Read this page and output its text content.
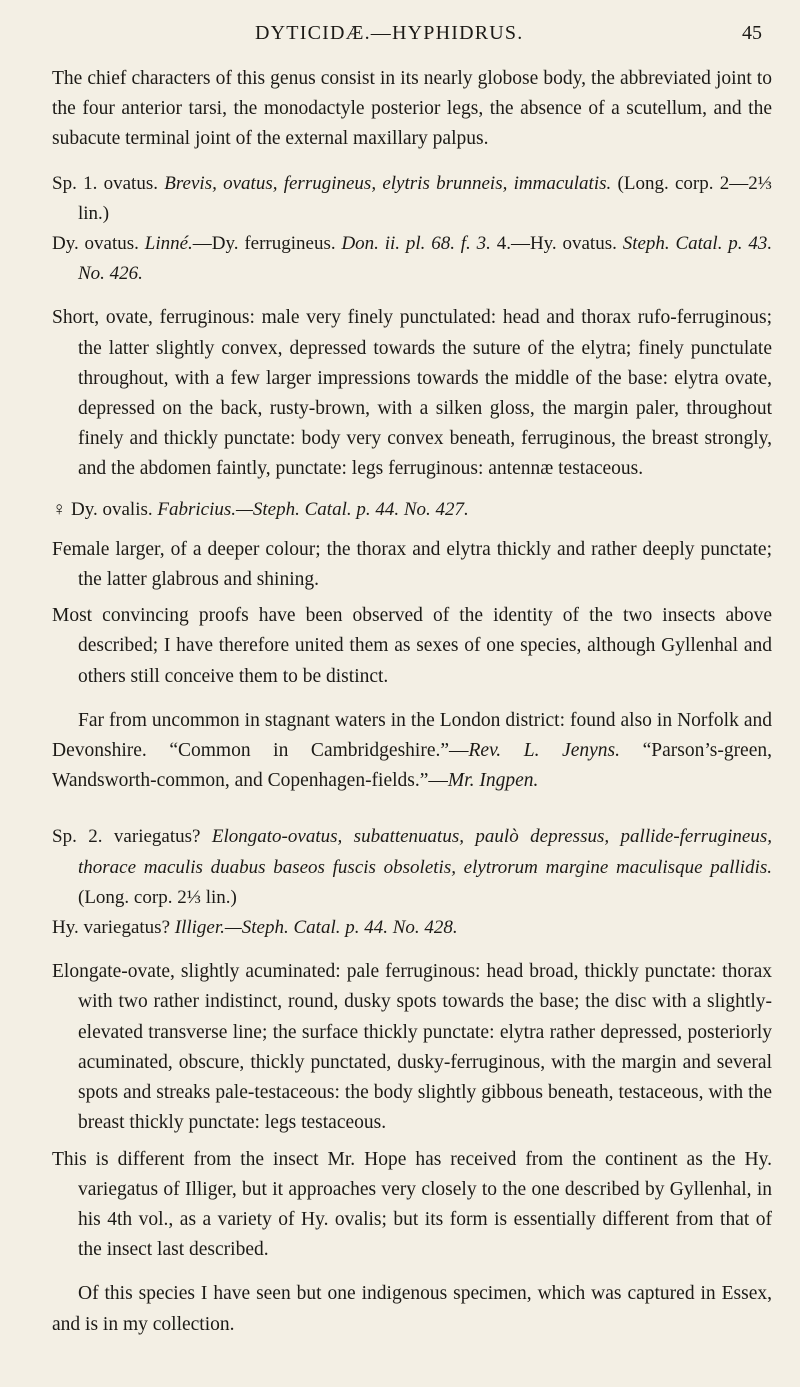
DYTICIDÆ.—HYPHIDRUS.	45

The chief characters of this genus consist in its nearly globose body, the abbreviated joint to the four anterior tarsi, the monodactyle posterior legs, the absence of a scutellum, and the subacute terminal joint of the external maxillary palpus.

Sp. 1. ovatus. Brevis, ovatus, ferrugineus, elytris brunneis, immaculatis. (Long. corp. 2—2⅓ lin.)

Dy. ovatus. Linné.—Dy. ferrugineus. Don. ii. pl. 68. f. 3. 4.—Hy. ovatus. Steph. Catal. p. 43. No. 426.

Short, ovate, ferruginous: male very finely punctulated: head and thorax rufo-ferruginous; the latter slightly convex, depressed towards the suture of the elytra; finely punctulate throughout, with a few larger impressions towards the middle of the base: elytra ovate, depressed on the back, rusty-brown, with a silken gloss, the margin paler, throughout finely and thickly punctate: body very convex beneath, ferruginous, the breast strongly, and the abdomen faintly, punctate: legs ferruginous: antennæ testaceous.

♀ Dy. ovalis. Fabricius.—Steph. Catal. p. 44. No. 427.

Female larger, of a deeper colour; the thorax and elytra thickly and rather deeply punctate; the latter glabrous and shining.

Most convincing proofs have been observed of the identity of the two insects above described; I have therefore united them as sexes of one species, although Gyllenhal and others still conceive them to be distinct.

Far from uncommon in stagnant waters in the London district: found also in Norfolk and Devonshire. “Common in Cambridgeshire.”—Rev. L. Jenyns. “Parson’s-green, Wandsworth-common, and Copenhagen-fields.”—Mr. Ingpen.

Sp. 2. variegatus? Elongato-ovatus, subattenuatus, paulò depressus, pallide-ferrugineus, thorace maculis duabus baseos fuscis obsoletis, elytrorum margine maculisque pallidis. (Long. corp. 2⅓ lin.)

Hy. variegatus? Illiger.—Steph. Catal. p. 44. No. 428.

Elongate-ovate, slightly acuminated: pale ferruginous: head broad, thickly punctate: thorax with two rather indistinct, round, dusky spots towards the base; the disc with a slightly-elevated transverse line; the surface thickly punctate: elytra rather depressed, posteriorly acuminated, obscure, thickly punctated, dusky-ferruginous, with the margin and several spots and streaks pale-testaceous: the body slightly gibbous beneath, testaceous, with the breast thickly punctate: legs testaceous.

This is different from the insect Mr. Hope has received from the continent as the Hy. variegatus of Illiger, but it approaches very closely to the one described by Gyllenhal, in his 4th vol., as a variety of Hy. ovalis; but its form is essentially different from that of the insect last described.

Of this species I have seen but one indigenous specimen, which was captured in Essex, and is in my collection.
